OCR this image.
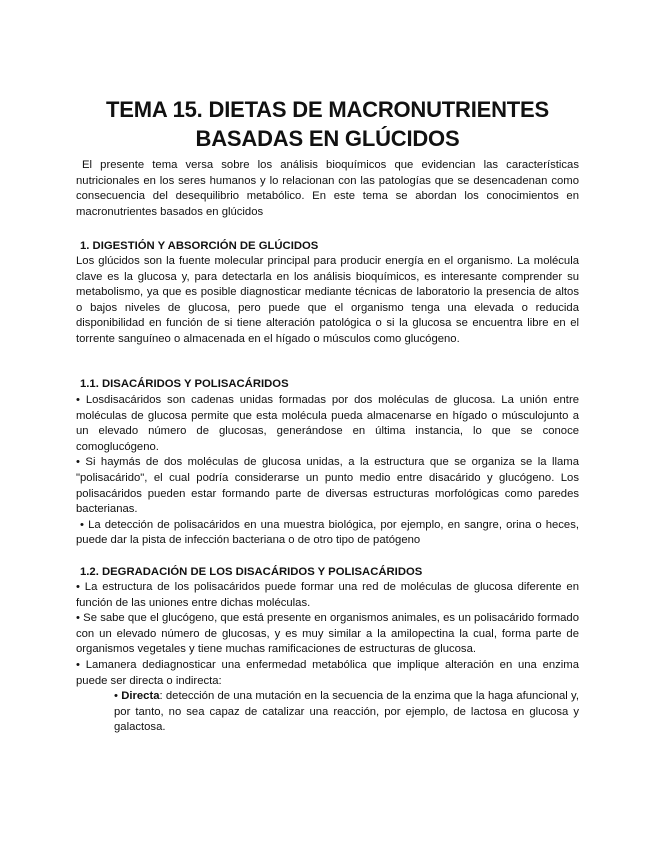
TEMA 15. DIETAS DE MACRONUTRIENTES
BASADAS EN GLÚCIDOS
El presente tema versa sobre los análisis bioquímicos que evidencian las características nutricionales en los seres humanos y lo relacionan con las patologías que se desencadenan como consecuencia del desequilibrio metabólico. En este tema se abordan los conocimientos en macronutrientes basados en glúcidos
1. DIGESTIÓN Y ABSORCIÓN DE GLÚCIDOS
Los glúcidos son la fuente molecular principal para producir energía en el organismo. La molécula clave es la glucosa y, para detectarla en los análisis bioquímicos, es interesante comprender su metabolismo, ya que es posible diagnosticar mediante técnicas de laboratorio la presencia de altos o bajos niveles de glucosa, pero puede que el organismo tenga una elevada o reducida disponibilidad en función de si tiene alteración patológica o si la glucosa se encuentra libre en el torrente sanguíneo o almacenada en el hígado o músculos como glucógeno.
1.1. DISACÁRIDOS Y POLISACÁRIDOS

• Losdisacáridos son cadenas unidas formadas por dos moléculas de glucosa. La unión entre moléculas de glucosa permite que esta molécula pueda almacenarse en hígado o músculojunto a un elevado número de glucosas, generándose en última instancia, lo que se conoce comoglucógeno.

• Si haymás de dos moléculas de glucosa unidas, a la estructura que se organiza se la llama "polisacárido", el cual podría considerarse un punto medio entre disacárido y glucógeno. Los polisacáridos pueden estar formando parte de diversas estructuras morfológicas como paredes bacterianas.

• La detección de polisacáridos en una muestra biológica, por ejemplo, en sangre, orina o heces, puede dar la pista de infección bacteriana o de otro tipo de patógeno

1.2. DEGRADACIÓN DE LOS DISACÁRIDOS Y POLISACÁRIDOS

• La estructura de los polisacáridos puede formar una red de moléculas de glucosa diferente en función de las uniones entre dichas moléculas.

• Se sabe que el glucógeno, que está presente en organismos animales, es un polisacárido formado con un elevado número de glucosas, y es muy similar a la amilopectina la cual, forma parte de organismos vegetales y tiene muchas ramificaciones de estructuras de glucosa.

• Lamanera dediagnosticar una enfermedad metabólica que implique alteración en una enzima puede ser directa o indirecta:

• Directa: detección de una mutación en la secuencia de la enzima que la haga afuncional y, por tanto, no sea capaz de catalizar una reacción, por ejemplo, de lactosa en glucosa y galactosa.
